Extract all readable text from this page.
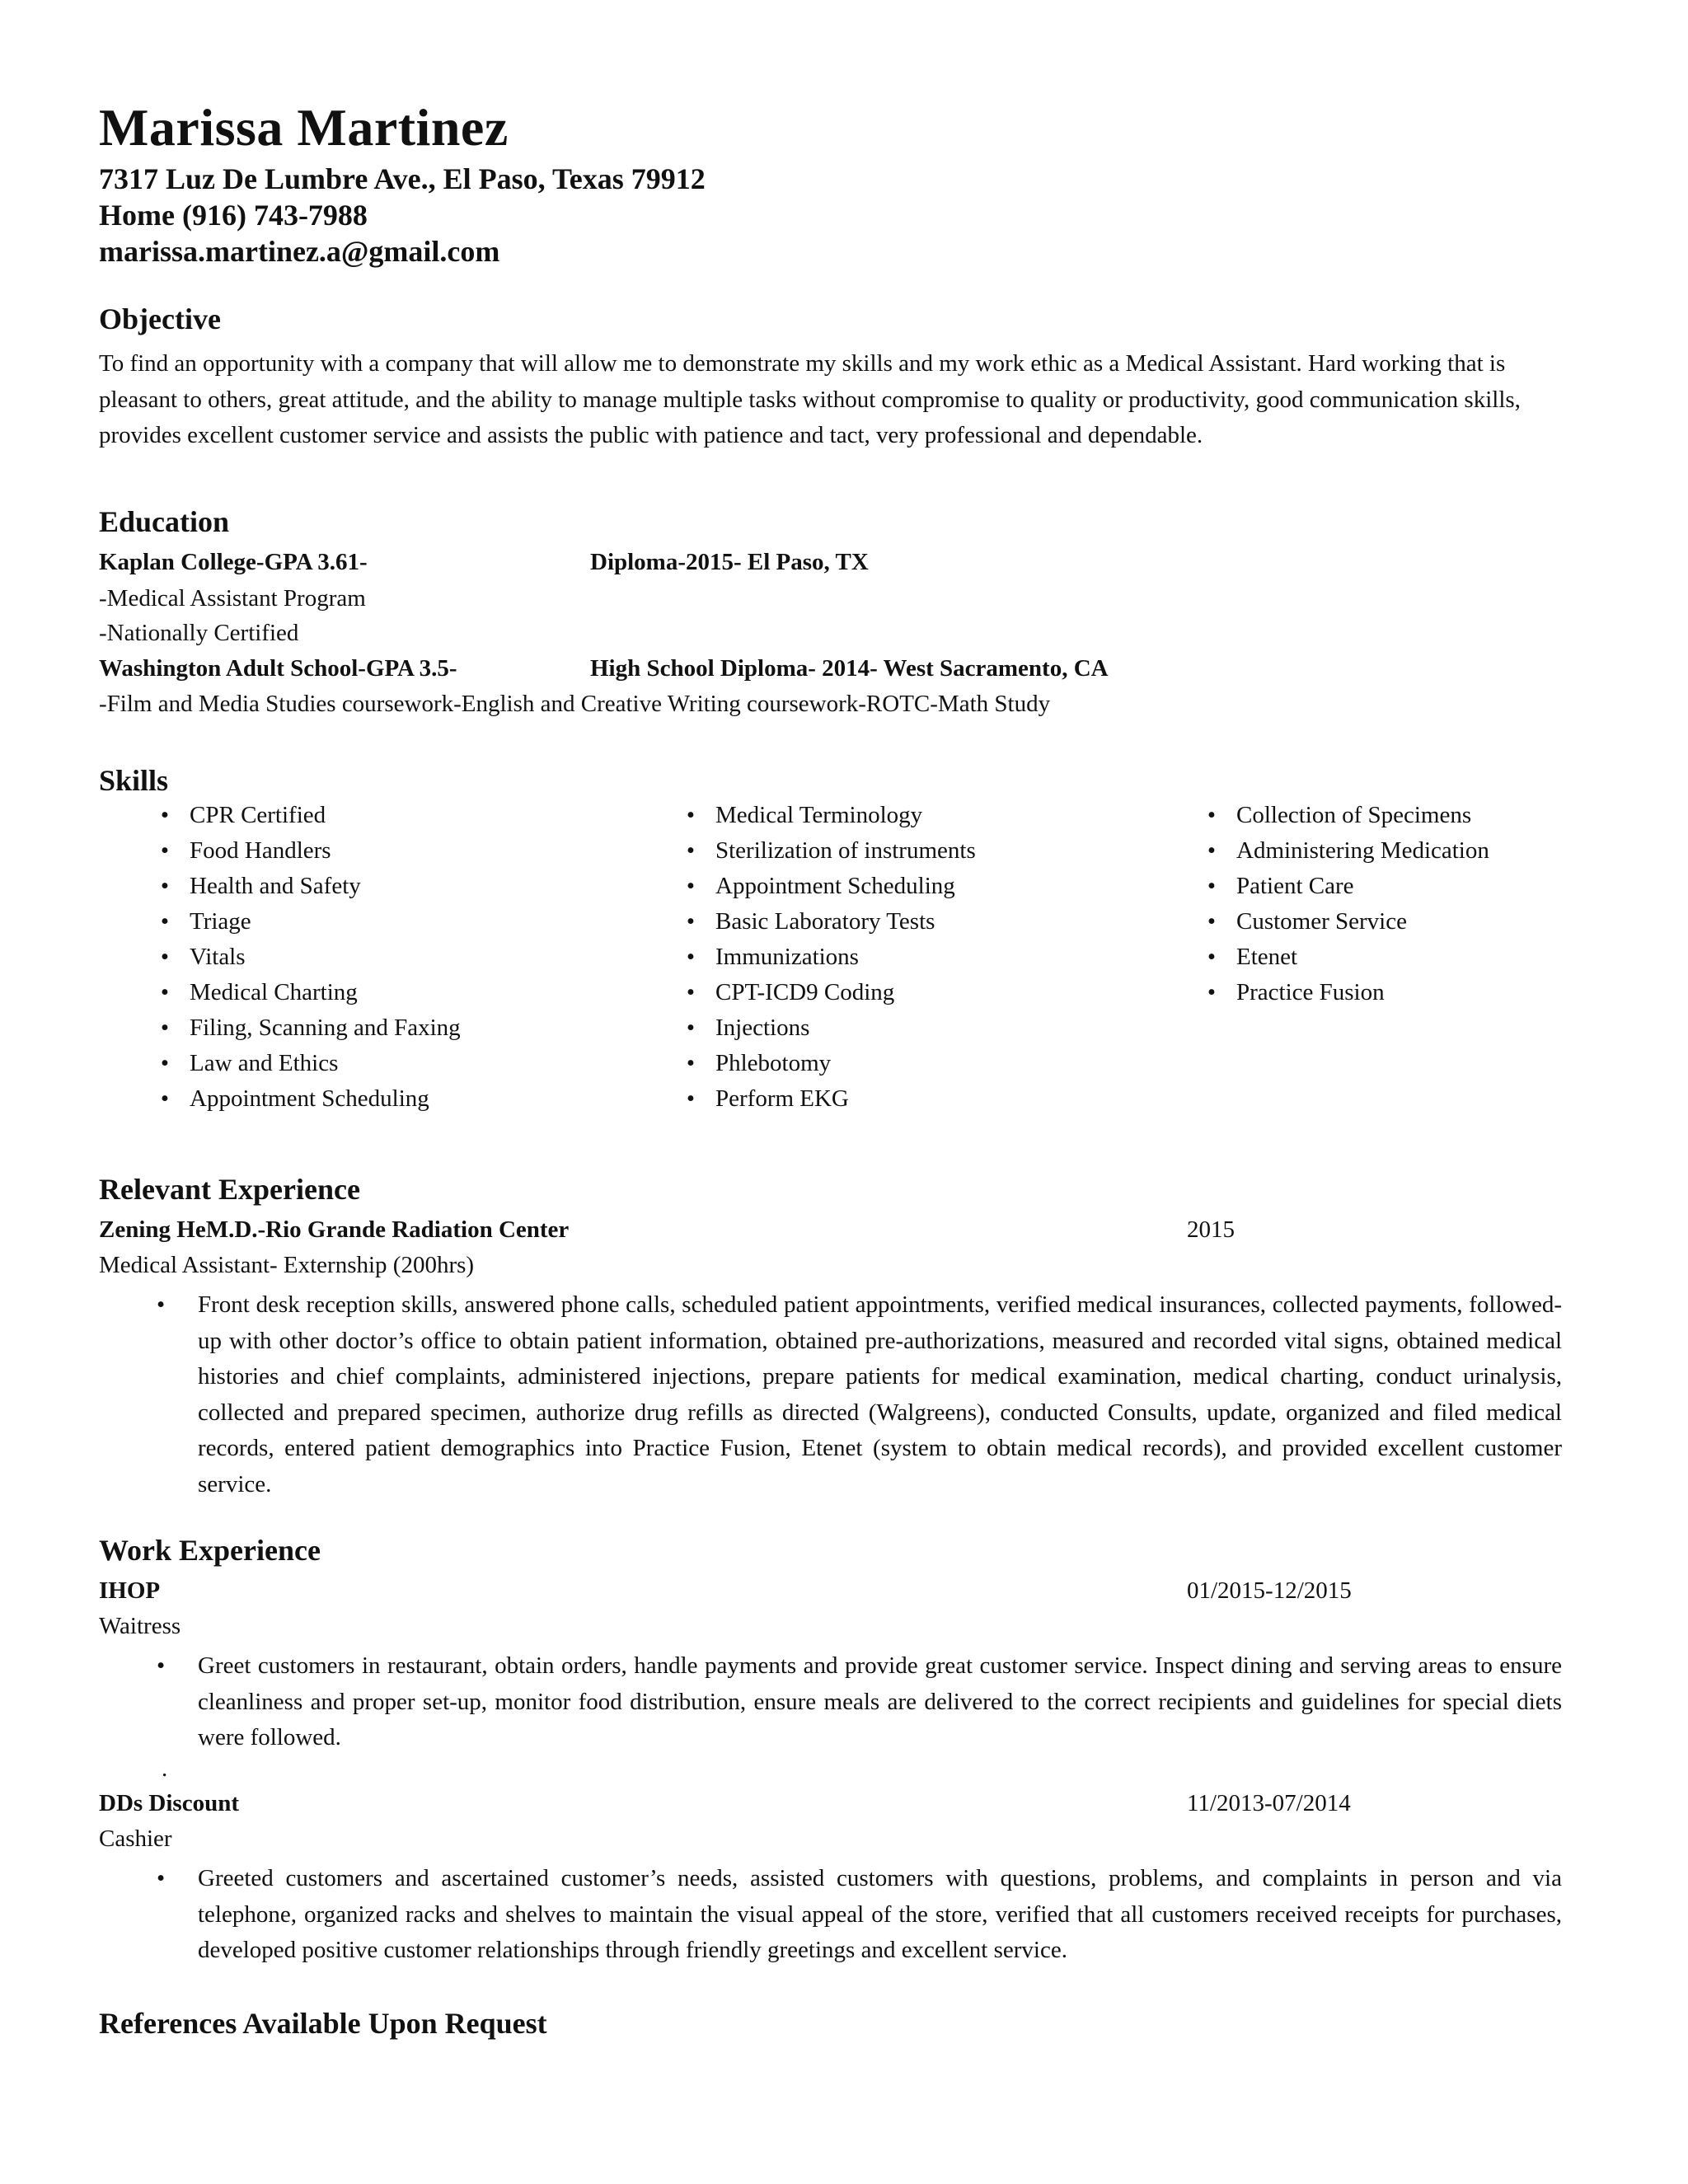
Marissa Martinez
7317 Luz De Lumbre Ave., El Paso, Texas 79912
Home (916) 743-7988
marissa.martinez.a@gmail.com
Objective
To find an opportunity with a company that will allow me to demonstrate my skills and my work ethic as a Medical Assistant. Hard working that is pleasant to others, great attitude, and the ability to manage multiple tasks without compromise to quality or productivity, good communication skills, provides excellent customer service and assists the public with patience and tact, very professional and dependable.
Education
Kaplan College-GPA 3.61-	Diploma-2015- El Paso, TX
-Medical Assistant Program
-Nationally Certified
Washington Adult School-GPA 3.5-	High School Diploma- 2014- West Sacramento, CA
-Film and Media Studies coursework-English and Creative Writing coursework-ROTC-Math Study
Skills
• CPR Certified
• Food Handlers
• Health and Safety
• Triage
• Vitals
• Medical Charting
• Filing, Scanning and Faxing
• Law and Ethics
• Appointment Scheduling
• Medical Terminology
• Sterilization of instruments
• Appointment Scheduling
• Basic Laboratory Tests
• Immunizations
• CPT-ICD9 Coding
• Injections
• Phlebotomy
• Perform EKG
• Collection of Specimens
• Administering Medication
• Patient Care
• Customer Service
• Etenet
• Practice Fusion
Relevant Experience
Zening HeM.D.-Rio Grande Radiation Center	2015
Medical Assistant- Externship (200hrs)
• Front desk reception skills, answered phone calls, scheduled patient appointments, verified medical insurances, collected payments, followed-up with other doctor’s office to obtain patient information, obtained pre-authorizations, measured and recorded vital signs, obtained medical histories and chief complaints, administered injections, prepare patients for medical examination, medical charting, conduct urinalysis, collected and prepared specimen, authorize drug refills as directed (Walgreens), conducted Consults, update, organized and filed medical records, entered patient demographics into Practice Fusion, Etenet (system to obtain medical records), and provided excellent customer service.
Work Experience
IHOP	01/2015-12/2015
Waitress
• Greet customers in restaurant, obtain orders, handle payments and provide great customer service. Inspect dining and serving areas to ensure cleanliness and proper set-up, monitor food distribution, ensure meals are delivered to the correct recipients and guidelines for special diets were followed.
.
DDs Discount	11/2013-07/2014
Cashier
• Greeted customers and ascertained customer’s needs, assisted customers with questions, problems, and complaints in person and via telephone, organized racks and shelves to maintain the visual appeal of the store, verified that all customers received receipts for purchases, developed positive customer relationships through friendly greetings and excellent service.
References Available Upon Request
